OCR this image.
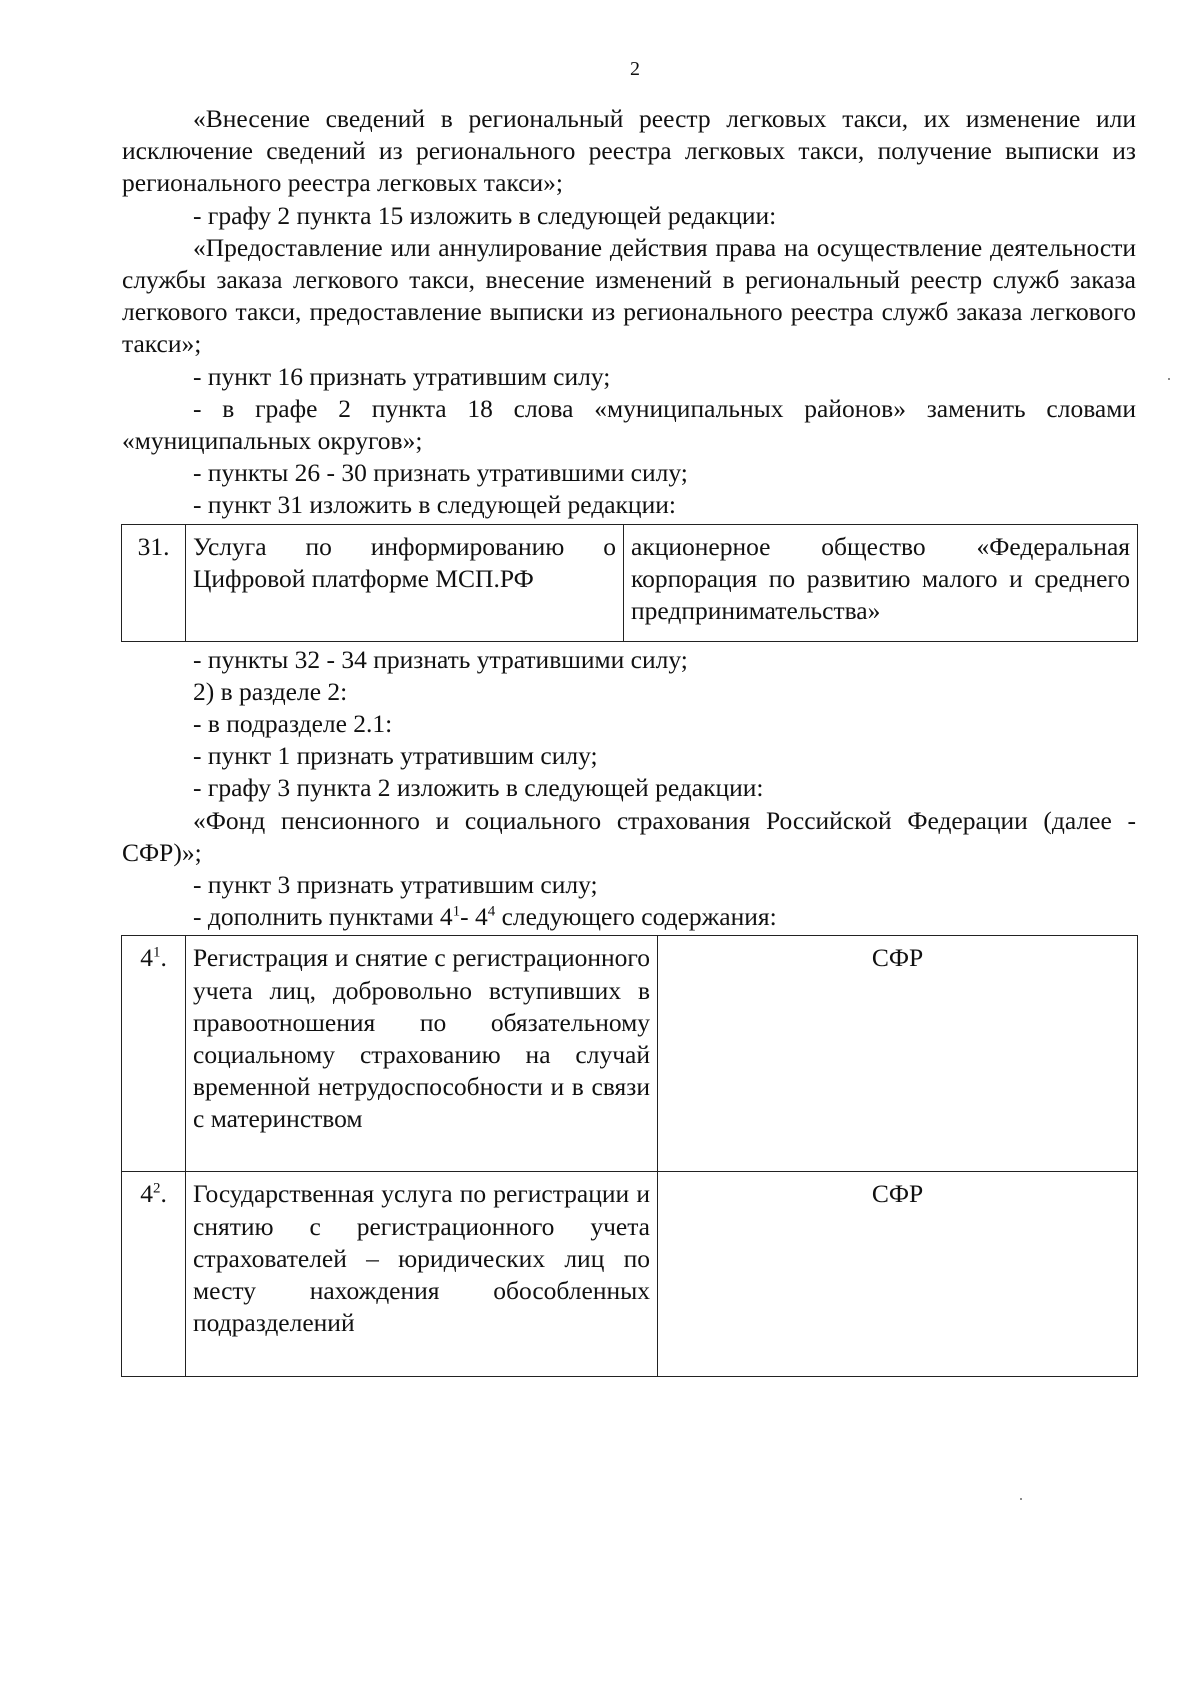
2

«Внесение сведений в региональный реестр легковых такси, их изменение или исключение сведений из регионального реестра легковых такси, получение выписки из регионального реестра легковых такси»;

- графу 2 пункта 15 изложить в следующей редакции:

«Предоставление или аннулирование действия права на осуществление деятельности службы заказа легкового такси, внесение изменений в региональный реестр служб заказа легкового такси, предоставление выписки из регионального реестра служб заказа легкового такси»;

- пункт 16 признать утратившим силу;

- в графе 2 пункта 18 слова «муниципальных районов» заменить словами «муниципальных округов»;

- пункты 26 - 30 признать утратившими силу;

- пункт 31 изложить в следующей редакции:

31.	Услуга по информированию о Цифровой платформе МСП.РФ	акционерное общество «Федеральная корпорация по развитию малого и среднего предпринимательства»

- пункты 32 - 34 признать утратившими силу;

2) в разделе 2:

- в подразделе 2.1:

- пункт 1 признать утратившим силу;

- графу 3 пункта 2 изложить в следующей редакции:

«Фонд пенсионного и социального страхования Российской Федерации (далее - СФР)»;

- пункт 3 признать утратившим силу;

- дополнить пунктами $4^1-$ $4^4$ следующего содержания:

$4^1$.	Регистрация и снятие с регистрационного учета лиц, добровольно вступивших в правоотношения по обязательному социальному страхованию на случай временной нетрудоспособности и в связи с материнством	СФР
$4^2$.	Государственная услуга по регистрации и снятию с регистрационного учета страхователей – юридических лиц по месту нахождения обособленных подразделений	СФР
